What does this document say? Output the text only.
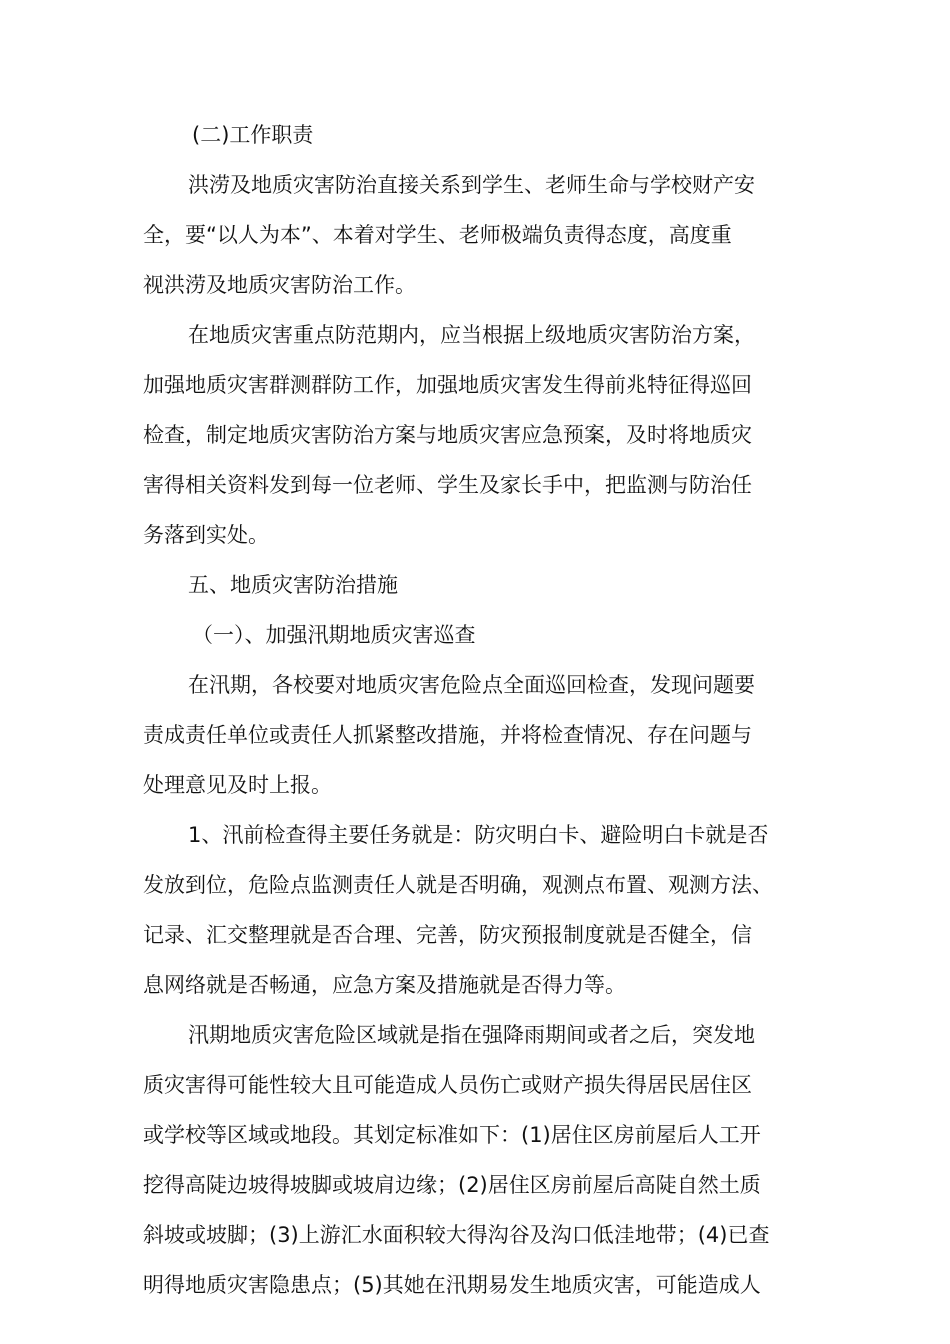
(二)工作职责
洪涝及地质灾害防治直接关系到学生、老师生命与学校财产安
全，要“以人为本”、本着对学生、老师极端负责得态度，高度重
视洪涝及地质灾害防治工作。
在地质灾害重点防范期内，应当根据上级地质灾害防治方案，
加强地质灾害群测群防工作，加强地质灾害发生得前兆特征得巡回
检查，制定地质灾害防治方案与地质灾害应急预案，及时将地质灾
害得相关资料发到每一位老师、学生及家长手中，把监测与防治任
务落到实处。
五、地质灾害防治措施
（一）、加强汛期地质灾害巡查
在汛期，各校要对地质灾害危险点全面巡回检查，发现问题要
责成责任单位或责任人抓紧整改措施，并将检查情况、存在问题与
处理意见及时上报。
1、汛前检查得主要任务就是：防灾明白卡、避险明白卡就是否
发放到位，危险点监测责任人就是否明确，观测点布置、观测方法、
记录、汇交整理就是否合理、完善，防灾预报制度就是否健全，信
息网络就是否畅通，应急方案及措施就是否得力等。
汛期地质灾害危险区域就是指在强降雨期间或者之后，突发地
质灾害得可能性较大且可能造成人员伤亡或财产损失得居民居住区
或学校等区域或地段。其划定标准如下：(1)居住区房前屋后人工开
挖得高陡边坡得坡脚或坡肩边缘；(2)居住区房前屋后高陡自然土质
斜坡或坡脚；(3)上游汇水面积较大得沟谷及沟口低洼地带；(4)已查
明得地质灾害隐患点；(5)其她在汛期易发生地质灾害，可能造成人
